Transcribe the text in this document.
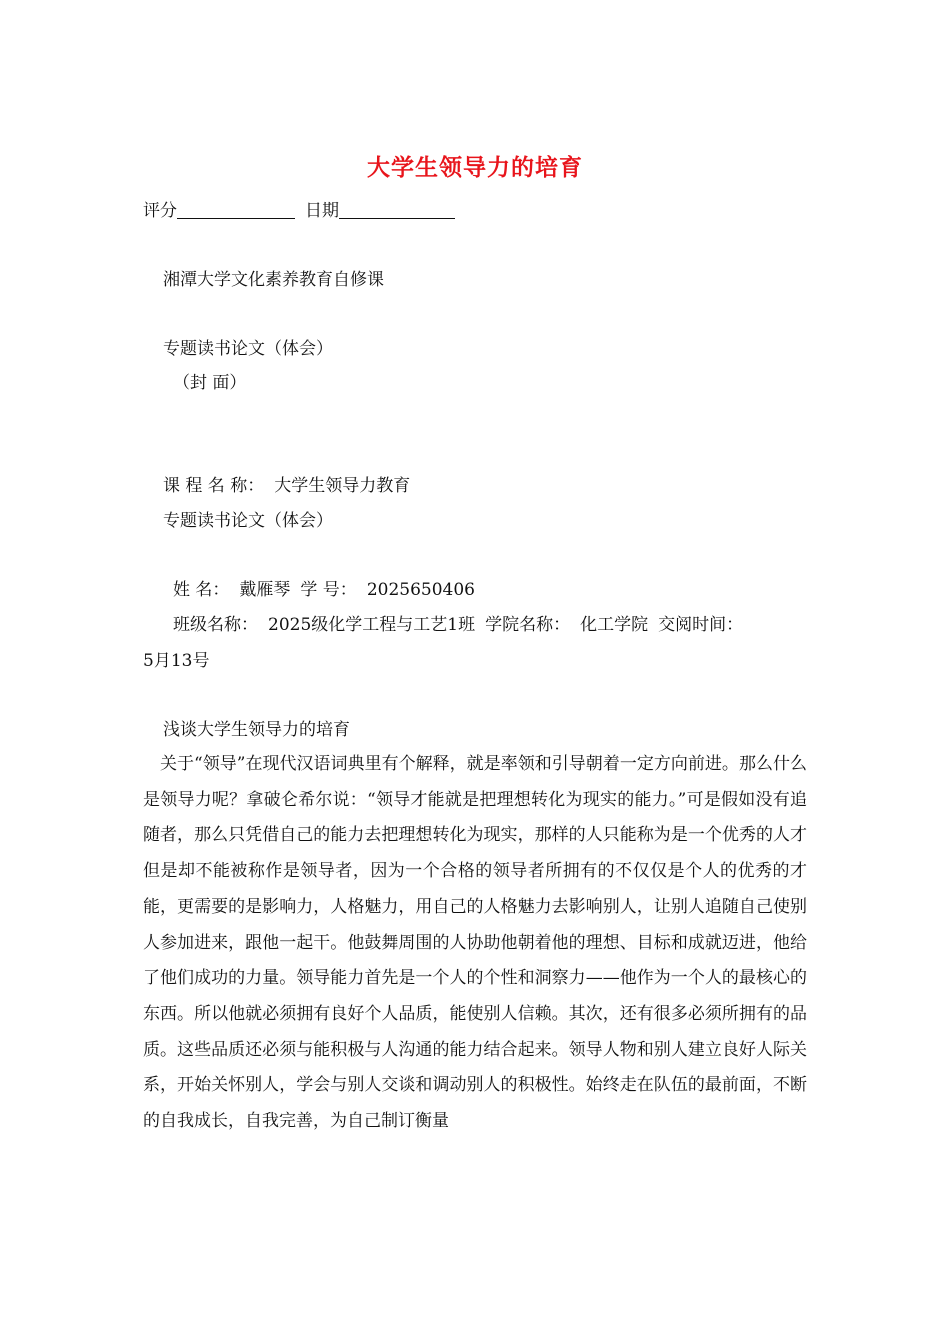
大学生领导力的培育
评分	日期
湘潭大学文化素养教育自修课
专题读书论文（体会）
（封 面）
课 程 名 称： 大学生领导力教育
专题读书论文（体会）
姓 名： 戴雁琴 学 号： 2025650406
班级名称： 2025级化学工程与工艺1班 学院名称： 化工学院 交阅时间：
5月13号
浅谈大学生领导力的培育

关于“领导”在现代汉语词典里有个解释，就是率领和引导朝着一定方向前进。那么什么是领导力呢？拿破仑希尔说：“领导才能就是把理想转化为现实的能力。”可是假如没有追随者，那么只凭借自己的能力去把理想转化为现实，那样的人只能称为是一个优秀的人才但是却不能被称作是领导者，因为一个合格的领导者所拥有的不仅仅是个人的优秀的才能，更需要的是影响力，人格魅力，用自己的人格魅力去影响别人，让别人追随自己使别人参加进来，跟他一起干。他鼓舞周围的人协助他朝着他的理想、目标和成就迈进，他给了他们成功的力量。领导能力首先是一个人的个性和洞察力——他作为一个人的最核心的东西。所以他就必须拥有良好个人品质，能使别人信赖。其次，还有很多必须所拥有的品质。这些品质还必须与能积极与人沟通的能力结合起来。领导人物和别人建立良好人际关系，开始关怀别人，学会与别人交谈和调动别人的积极性。始终走在队伍的最前面，不断的自我成长，自我完善，为自己制订衡量
